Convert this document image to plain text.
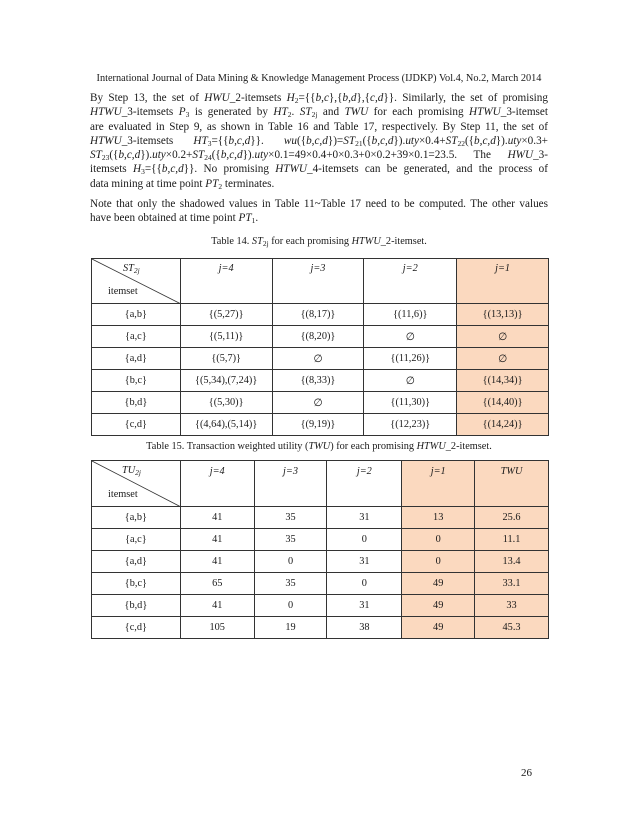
International Journal of Data Mining & Knowledge Management Process (IJDKP) Vol.4, No.2, March 2014
By Step 13, the set of HWU_2-itemsets $H_2=\{\{b,c\},\{b,d\},\{c,d\}\}$. Similarly, the set of promising
HTWU_3-itemsets $P_3$ is generated by $HT_2$. $ST_{2j}$ and TWU for each promising HTWU_3-itemset
are evaluated in Step 9, as shown in Table 16 and Table 17, respectively. By Step 11, the set of
HTWU_3-itemsets $HT_3=\{\{b,c,d\}\}$. $wu(\{b,c,d\})=ST_{21}(\{b,c,d\}).uty\times 0.4+ST_{22}(\{b,c,d\}).uty\times 0.3+$
$ST_{23}(\{b,c,d\}).uty\times 0.2+ST_{24}(\{b,c,d\}).uty\times 0.1=49\times 0.4+0\times 0.3+0\times 0.2+39\times 0.1=23.5$. The HWU_3-
itemsets $H_3=\{\{b,c,d\}\}$. No promising HTWU_4-itemsets can be generated, and the process of
data mining at time point $PT_2$ terminates.
Note that only the shadowed values in Table 11~Table 17 need to be computed. The other values
have been obtained at time point $PT_1$.
Table 14. $ST_{2j}$ for each promising HTWU_2-itemset.
$ST_{2j}$
itemset	j=4	j=3	j=2	j=1
{a,b}	{(5,27)}	{(8,17)}	{(11,6)}	{(13,13)}
{a,c}	{(5,11)}	{(8,20)}	∅	∅
{a,d}	{(5,7)}	∅	{(11,26)}	∅
{b,c}	{(5,34),(7,24)}	{(8,33)}	∅	{(14,34)}
{b,d}	{(5,30)}	∅	{(11,30)}	{(14,40)}
{c,d}	{(4,64),(5,14)}	{(9,19)}	{(12,23)}	{(14,24)}
Table 15. Transaction weighted utility (TWU) for each promising HTWU_2-itemset.
$TU_{2j}$
itemset	j=4	j=3	j=2	j=1	TWU
{a,b}	41	35	31	13	25.6
{a,c}	41	35	0	0	11.1
{a,d}	41	0	31	0	13.4
{b,c}	65	35	0	49	33.1
{b,d}	41	0	31	49	33
{c,d}	105	19	38	49	45.3
26
